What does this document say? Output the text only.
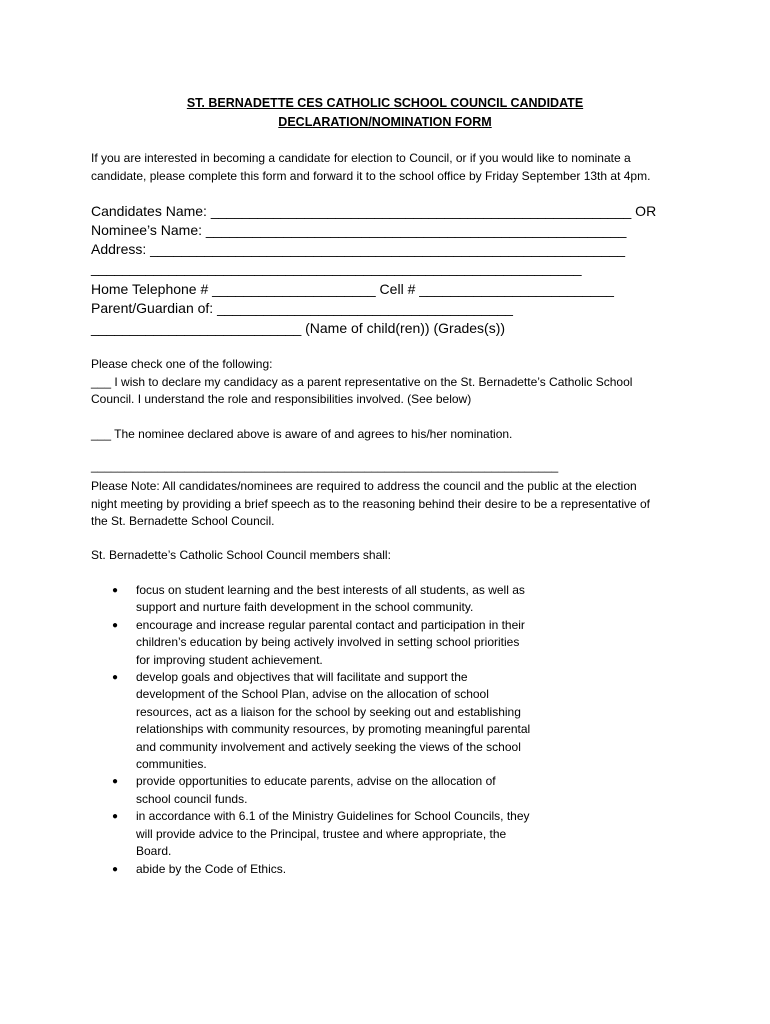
ST. BERNADETTE CES CATHOLIC SCHOOL COUNCIL CANDIDATE
DECLARATION/NOMINATION FORM
If you are interested in becoming a candidate for election to Council, or if you would like to nominate a
candidate, please complete this form and forward it to the school office by Friday September 13th at 4pm.
Candidates Name: ______________________________________________________ OR
Nominee’s Name: ______________________________________________________
Address: _____________________________________________________________
_______________________________________________________________
Home Telephone # _____________________ Cell # _________________________
Parent/Guardian of: ______________________________________
___________________________ (Name of child(ren)) (Grades(s))
Please check one of the following:
___ I wish to declare my candidacy as a parent representative on the St. Bernadette’s Catholic School
Council. I understand the role and responsibilities involved. (See below)
___ The nominee declared above is aware of and agrees to his/her nomination.
______________________________________________________________________
Please Note: All candidates/nominees are required to address the council and the public at the election
night meeting by providing a brief speech as to the reasoning behind their desire to be a representative of
the St. Bernadette School Council.
St. Bernadette’s Catholic School Council members shall:
● focus on student learning and the best interests of all students, as well as
support and nurture faith development in the school community.
● encourage and increase regular parental contact and participation in their
children’s education by being actively involved in setting school priorities
for improving student achievement.
● develop goals and objectives that will facilitate and support the
development of the School Plan, advise on the allocation of school
resources, act as a liaison for the school by seeking out and establishing
relationships with community resources, by promoting meaningful parental
and community involvement and actively seeking the views of the school
communities.
● provide opportunities to educate parents, advise on the allocation of
school council funds.
● in accordance with 6.1 of the Ministry Guidelines for School Councils, they
will provide advice to the Principal, trustee and where appropriate, the
Board.
● abide by the Code of Ethics.
